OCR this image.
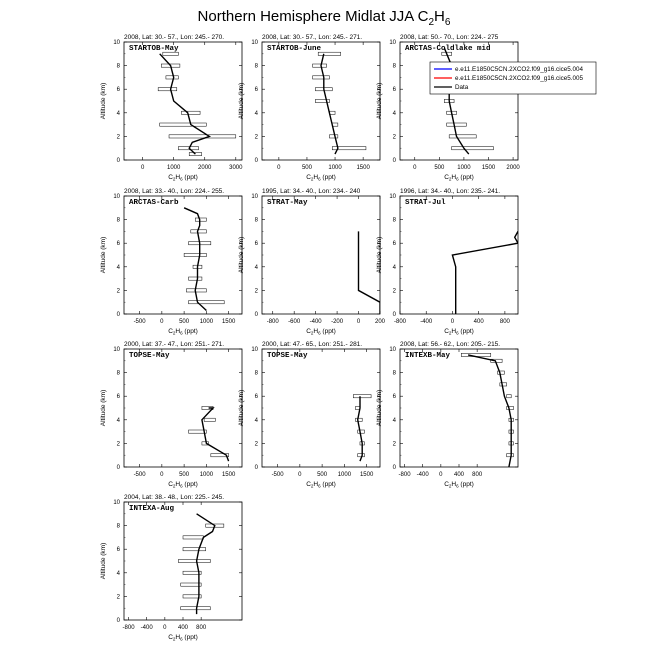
Northern Hemisphere Midlat JJA $C_2H_6$
2008, Lat: 30.- 57., Lon: 245.- 270.
STARTOB-May
0
2
4
6
8
10
0	1000	2000	3000
Altitude (km)
$C_2H_6$ (ppt)
2008, Lat: 30.- 57., Lon: 245.- 271.
STARTOB-June
0
2
4
6
8
10
0	500	1000 1500
Altitude (km)
$C_2H_6$ (ppt)
2008, Lat: 50.- 70., Lon: 224.- 275
ARCTAS-Coldlake mid
0
2
4
6
8
10
0	500 1000 1500 2000
Altitude (km)
$C_2H_6$ (ppt)
2008, Lat: 33.- 40., Lon: 224.- 255.
ARCTAS-Carb
0
2
4
6
8
10
-500 0	500 1000 1500
Altitude (km)
$C_2H_6$ (ppt)
1995, Lat: 34.- 40., Lon: 234.- 240
STRAT-May
0
2
4
6
8
10
-800 -600 -400 -200 0 200
Altitude (km)
$C_2H_6$ (ppt)
1996, Lat: 34.- 40., Lon: 235.- 241.
STRAT-Jul
0
2
4
6
8
10
-800 -400	0	400	800
Altitude (km)
$C_2H_6$ (ppt)
2000, Lat: 37.- 47., Lon: 251.- 271.
TOPSE-May
0
2
4
6
8
10
-500 0	500 1000 1500
Altitude (km)
$C_2H_6$ (ppt)
2000, Lat: 47.- 65., Lon: 251.- 281.
TOPSE-May
0
2
4
6
8
10
-500 0	500 1000 1500
Altitude (km)
$C_2H_6$ (ppt)
2008, Lat: 56.- 62., Lon: 205.- 215.
INTEXB-May
0
2
4
6
8
10
-800 -400 0 400 800
Altitude (km)
$C_2H_6$ (ppt)
2004, Lat: 38.- 48., Lon: 225.- 245.
INTEXA-Aug
0
2
4
6
8
10
-800 -400 0 400 800
Altitude (km)
$C_2H_6$ (ppt)
e.e11.E1850C5CN.2XCO2.f09_g16.cice5.004
e.e11.E1850C5CN.2XCO2.f09_g16.cice5.005
Data
